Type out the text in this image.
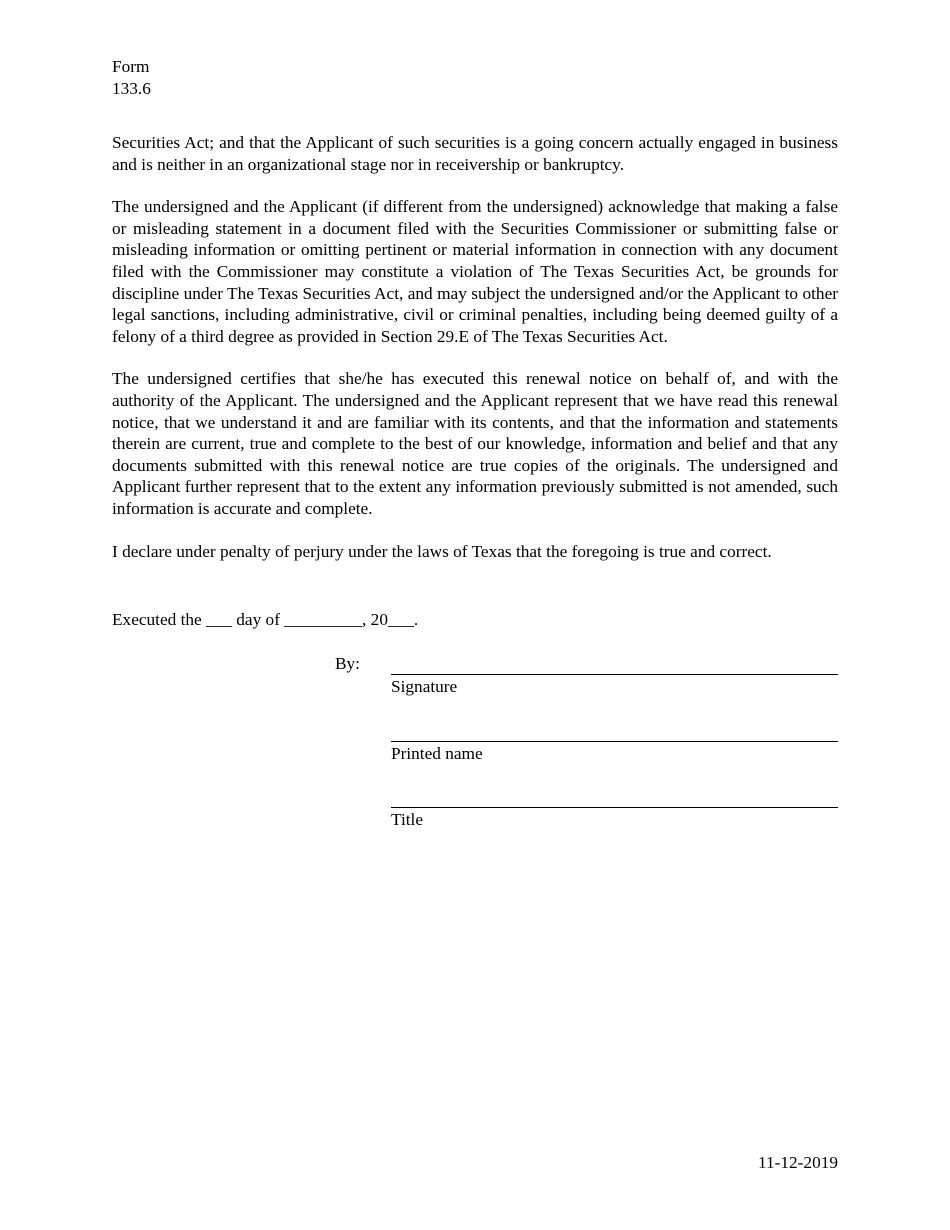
Form
133.6

Securities Act; and that the Applicant of such securities is a going concern actually engaged in business and is neither in an organizational stage nor in receivership or bankruptcy.

The undersigned and the Applicant (if different from the undersigned) acknowledge that making a false or misleading statement in a document filed with the Securities Commissioner or submitting false or misleading information or omitting pertinent or material information in connection with any document filed with the Commissioner may constitute a violation of The Texas Securities Act, be grounds for discipline under The Texas Securities Act, and may subject the undersigned and/or the Applicant to other legal sanctions, including administrative, civil or criminal penalties, including being deemed guilty of a felony of a third degree as provided in Section 29.E of The Texas Securities Act.

The undersigned certifies that she/he has executed this renewal notice on behalf of, and with the authority of the Applicant. The undersigned and the Applicant represent that we have read this renewal notice, that we understand it and are familiar with its contents, and that the information and statements therein are current, true and complete to the best of our knowledge, information and belief and that any documents submitted with this renewal notice are true copies of the originals. The undersigned and Applicant further represent that to the extent any information previously submitted is not amended, such information is accurate and complete.

I declare under penalty of perjury under the laws of Texas that the foregoing is true and correct.

Executed the ___ day of _________, 20___.
By:
Signature
Printed name
Title
11-12-2019
